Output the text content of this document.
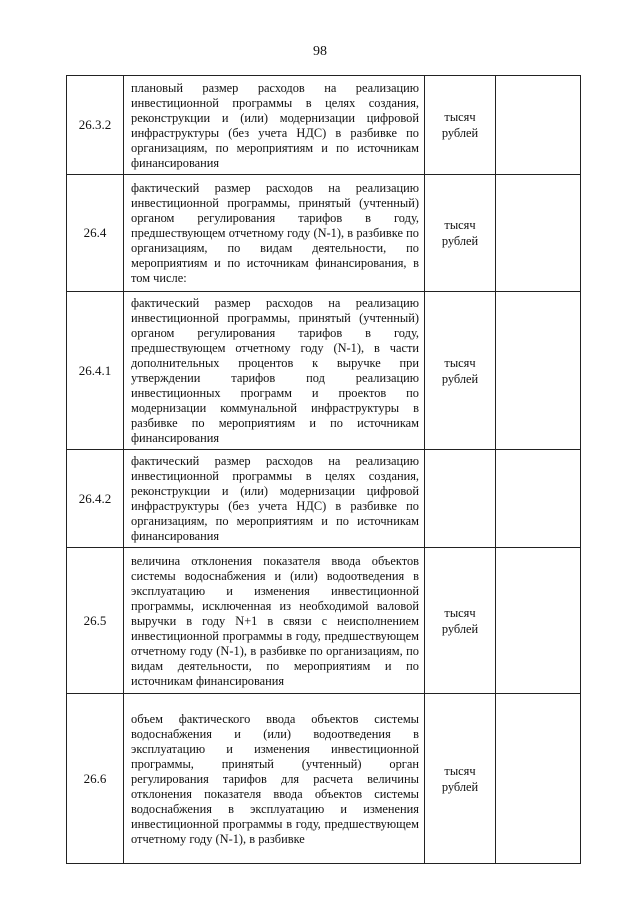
98
26.3.2	плановый размер расходов на реализацию инвестиционной программы в целях создания, реконструкции и (или) модернизации цифровой инфраструктуры (без учета НДС) в разбивке по организациям, по мероприятиям и по источникам финансирования	тысяч
рублей	

26.4	фактический размер расходов на реализацию инвестиционной программы, принятый (учтенный) органом регулирования тарифов в году, предшествующем отчетному году (N-1), в разбивке по организациям, по видам деятельности, по мероприятиям и по источникам финансирования, в том числе:	тысяч
рублей	

26.4.1	фактический размер расходов на реализацию инвестиционной программы, принятый (учтенный) органом регулирования тарифов в году, предшествующем отчетному году (N-1), в части дополнительных процентов к выручке при утверждении тарифов под реализацию инвестиционных программ и проектов по модернизации коммунальной инфраструктуры в разбивке по мероприятиям и по источникам финансирования	тысяч
рублей	

26.4.2	фактический размер расходов на реализацию инвестиционной программы в целях создания, реконструкции и (или) модернизации цифровой инфраструктуры (без учета НДС) в разбивке по организациям, по мероприятиям и по источникам финансирования	

26.5	величина отклонения показателя ввода объектов системы водоснабжения и (или) водоотведения в эксплуатацию и изменения инвестиционной программы, исключенная из необходимой валовой выручки в году N+1 в связи с неисполнением инвестиционной программы в году, предшествующем отчетному году (N-1), в разбивке по организациям, по видам деятельности, по мероприятиям и по источникам финансирования	тысяч
рублей	

26.6	объем фактического ввода объектов системы водоснабжения и (или) водоотведения в эксплуатацию и изменения инвестиционной программы, принятый (учтенный) орган регулирования тарифов для расчета величины отклонения показателя ввода объектов системы водоснабжения в эксплуатацию и изменения инвестиционной программы в году, предшествующем отчетному году (N-1), в разбивке	тысяч
рублей	
